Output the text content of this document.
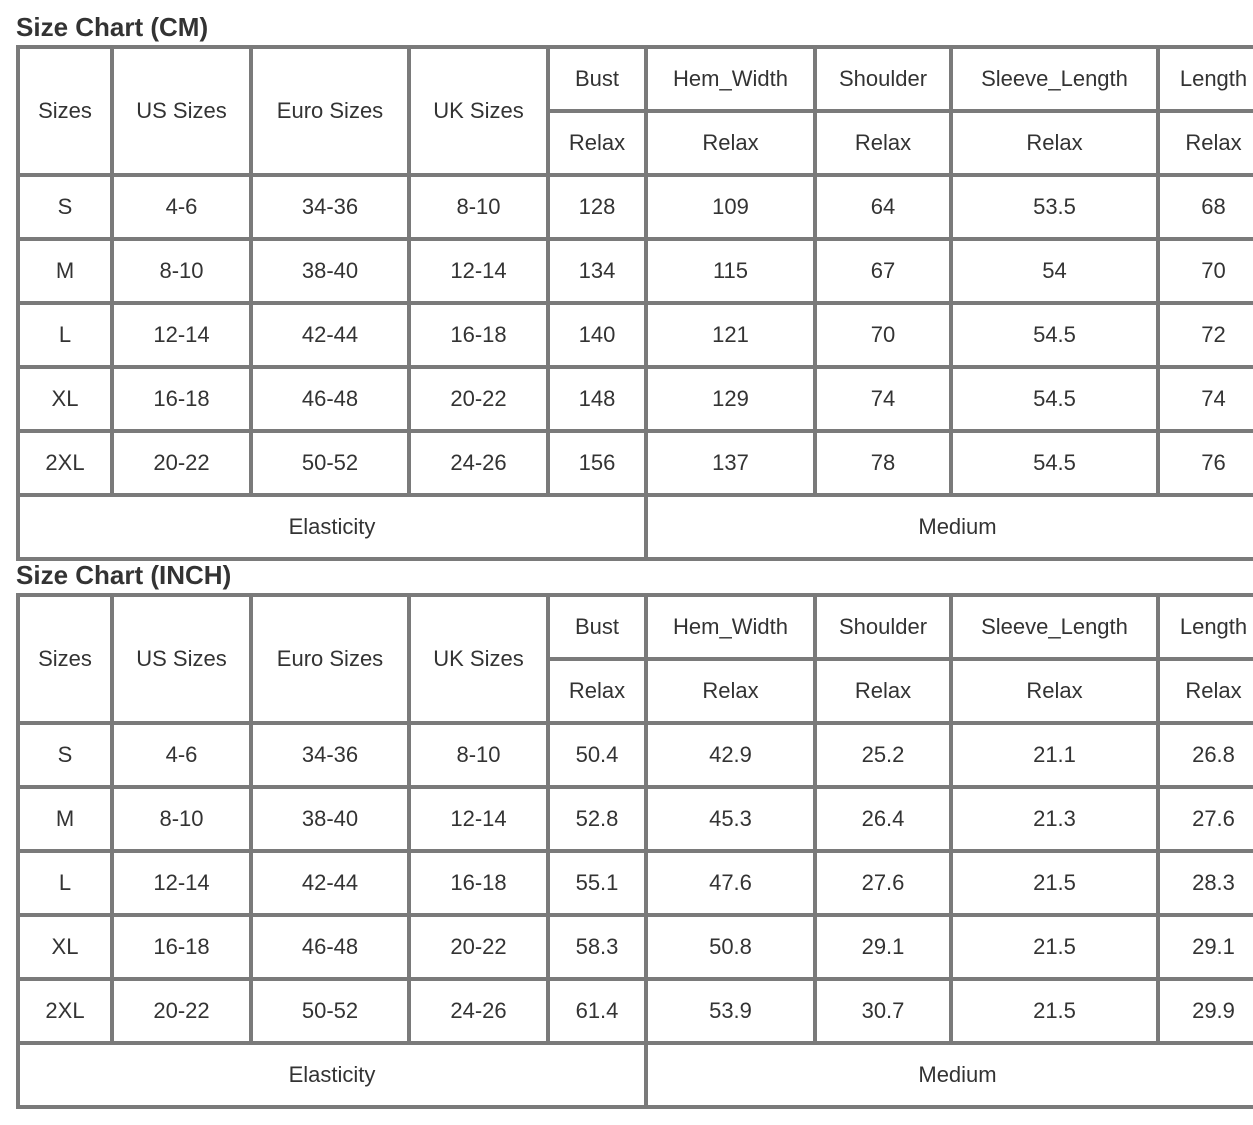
Size Chart (CM)
Sizes	US Sizes	Euro Sizes	UK Sizes	Bust	Hem_Width	Shoulder	Sleeve_Length	Length
				Relax	Relax	Relax	Relax	Relax
S	4-6	34-36	8-10	128	109	64	53.5	68
M	8-10	38-40	12-14	134	115	67	54	70
L	12-14	42-44	16-18	140	121	70	54.5	72
XL	16-18	46-48	20-22	148	129	74	54.5	74
2XL	20-22	50-52	24-26	156	137	78	54.5	76
Elasticity					Medium			
Size Chart (INCH)
Sizes	US Sizes	Euro Sizes	UK Sizes	Bust	Hem_Width	Shoulder	Sleeve_Length	Length
				Relax	Relax	Relax	Relax	Relax
S	4-6	34-36	8-10	50.4	42.9	25.2	21.1	26.8
M	8-10	38-40	12-14	52.8	45.3	26.4	21.3	27.6
L	12-14	42-44	16-18	55.1	47.6	27.6	21.5	28.3
XL	16-18	46-48	20-22	58.3	50.8	29.1	21.5	29.1
2XL	20-22	50-52	24-26	61.4	53.9	30.7	21.5	29.9
Elasticity					Medium			
